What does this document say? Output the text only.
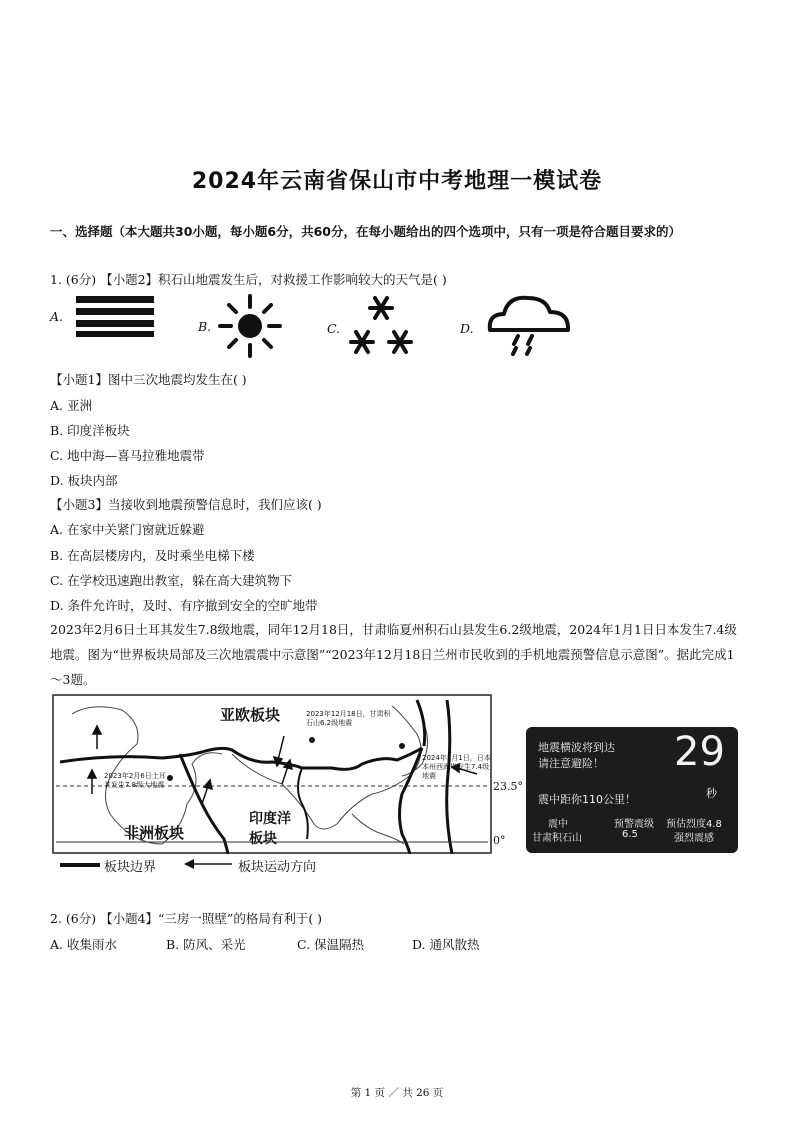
2024年云南省保山市中考地理一模试卷
一、选择题（本大题共30小题，每小题6分，共60分，在每小题给出的四个选项中，只有一项是符合题目要求的）
1. (6分) 【小题2】积石山地震发生后，对救援工作影响较大的天气是( )
A.
B.	C.	D.
【小题1】图中三次地震均发生在( )
A. 亚洲
B. 印度洋板块
C. 地中海—喜马拉雅地震带
D. 板块内部
【小题3】当接收到地震预警信息时，我们应该( )
A. 在家中关紧门窗就近躲避
B. 在高层楼房内，及时乘坐电梯下楼
C. 在学校迅速跑出教室，躲在高大建筑物下
D. 条件允许时，及时、有序撤到安全的空旷地带
2023年2月6日土耳其发生7.8级地震，同年12月18日，甘肃临夏州积石山县发生6.2级地震，2024年1月1日日本发生7.4级地震。图为“世界板块局部及三次地震震中示意图”“2023年12月18日兰州市民收到的手机地震预警信息示意图”。据此完成1～3题。
亚欧板块
非洲板块
印度洋
板块
2023年12月18日，甘肃积石山6.2级地震
2024年1月1日，日本本州西海岸发生7.4级地震
2023年2月6日土耳其发生7.8级大地震	23.5°
0°
板块边界	板块运动方向
地震横波将到达
请注意避险！ 29
秒
震中距你110公里！
震中	预警震级 预估烈度4.8
甘肃积石山	6.5	强烈震感
2. (6分) 【小题4】“三房一照壁”的格局有利于( )
A. 收集雨水	B. 防风、采光	C. 保温隔热	D. 通风散热
第 1 页 ／ 共 26 页
